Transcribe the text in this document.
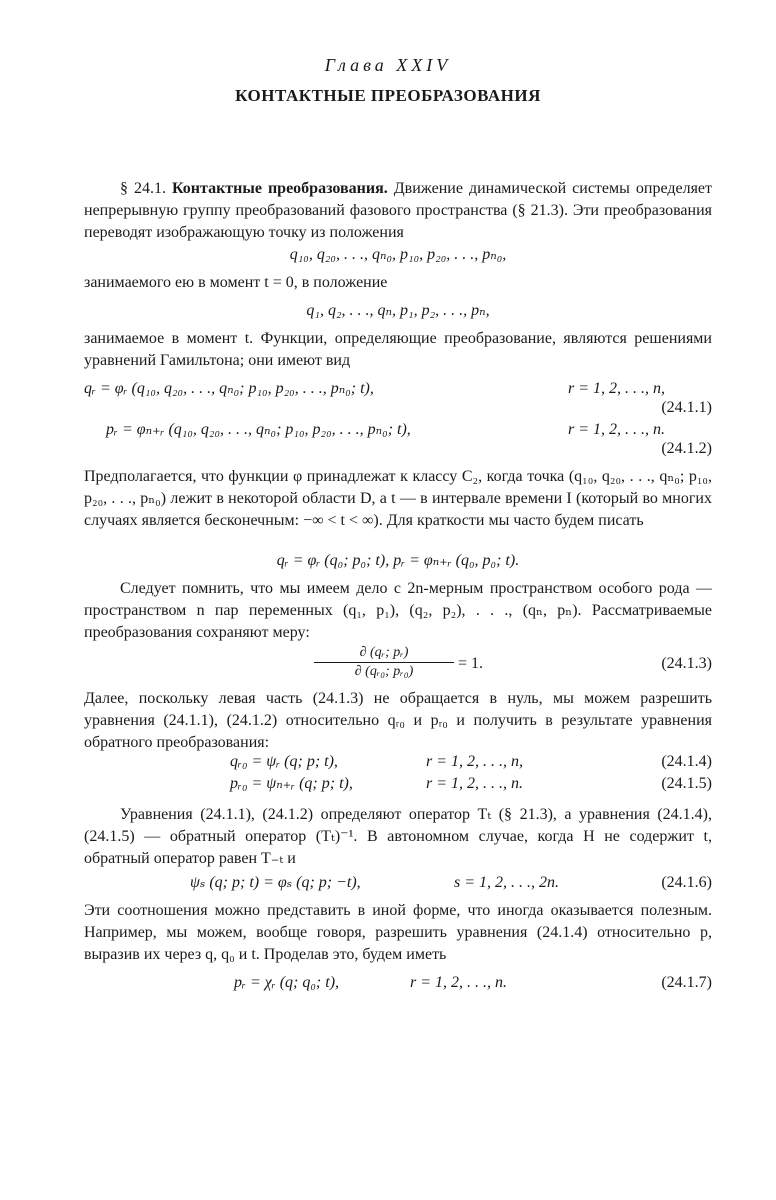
Глава XXIV
КОНТАКТНЫЕ ПРЕОБРАЗОВАНИЯ
§ 24.1. Контактные преобразования. Движение динамической системы определяет непрерывную группу преобразований фазового пространства (§ 21.3). Эти преобразования переводят изображающую точку из положения
q₁₀, q₂₀, . . ., qₙ₀, p₁₀, p₂₀, . . ., pₙ₀,
занимаемого ею в момент t = 0, в положение
q₁, q₂, . . ., qₙ, p₁, p₂, . . ., pₙ,
занимаемое в момент t. Функции, определяющие преобразование, являются решениями уравнений Гамильтона; они имеют вид
qᵣ = φᵣ (q₁₀, q₂₀, . . ., qₙ₀; p₁₀, p₂₀, . . ., pₙ₀; t),	r = 1, 2, . . ., n,
(24.1.1)
pᵣ = φₙ₊ᵣ (q₁₀, q₂₀, . . ., qₙ₀; p₁₀, p₂₀, . . ., pₙ₀; t),	r = 1, 2, . . ., n.
(24.1.2)
Предполагается, что функции φ принадлежат к классу C₂, когда точка (q₁₀, q₂₀, . . ., qₙ₀; p₁₀, p₂₀, . . ., pₙ₀) лежит в некоторой области D, а t — в интервале времени I (который во многих случаях является бесконечным: −∞ < t < ∞). Для краткости мы часто будем писать
qᵣ = φᵣ (q₀; p₀; t), pᵣ = φₙ₊ᵣ (q₀, p₀; t).
Следует помнить, что мы имеем дело с 2n-мерным пространством особого рода — пространством n пар переменных (q₁, p₁), (q₂, p₂), . . ., (qₙ, pₙ). Рассматриваемые преобразования сохраняют меру:
$\frac{\text{∂ (qᵣ; pᵣ)}}{\text{∂ (qᵣ₀; pᵣ₀)}} = 1$.	(24.1.3)
Далее, поскольку левая часть (24.1.3) не обращается в нуль, мы можем разрешить уравнения (24.1.1), (24.1.2) относительно qᵣ₀ и pᵣ₀ и получить в результате уравнения обратного преобразования:
qᵣ₀ = ψᵣ (q; p; t),	r = 1, 2, . . ., n,	(24.1.4)
pᵣ₀ = ψₙ₊ᵣ (q; p; t),	r = 1, 2, . . ., n.	(24.1.5)
Уравнения (24.1.1), (24.1.2) определяют оператор Tₜ (§ 21.3), а уравнения (24.1.4), (24.1.5) — обратный оператор (Tₜ)⁻¹. В автономном случае, когда H не содержит t, обратный оператор равен T₋ₜ и
ψₛ (q; p; t) = φₛ (q; p; −t),	s = 1, 2, . . ., 2n.	(24.1.6)
Эти соотношения можно представить в иной форме, что иногда оказывается полезным. Например, мы можем, вообще говоря, разрешить уравнения (24.1.4) относительно p, выразив их через q, q₀ и t. Проделав это, будем иметь
pᵣ = χᵣ (q; q₀; t),	r = 1, 2, . . ., n.	(24.1.7)
